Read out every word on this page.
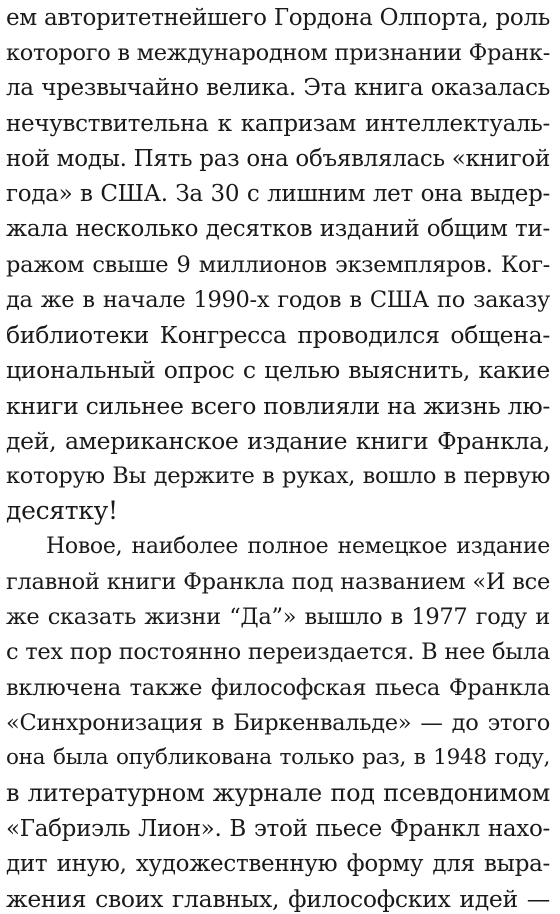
ем авторитетнейшего Гордона Олпорта, роль
которого в международном признании Франк-
ла чрезвычайно велика. Эта книга оказалась
нечувствительна к капризам интеллектуаль-
ной моды. Пять раз она объявлялась «книгой
года» в США. За 30 с лишним лет она выдер-
жала несколько десятков изданий общим ти-
ражом свыше 9 миллионов экземпляров. Ког-
да же в начале 1990-х годов в США по заказу
библиотеки Конгресса проводился общена-
циональный опрос с целью выяснить, какие
книги сильнее всего повлияли на жизнь лю-
дей, американское издание книги Франкла,
которую Вы держите в руках, вошло в первую
десятку!
Новое, наиболее полное немецкое издание
главной книги Франкла под названием «И все
же сказать жизни “Да”» вышло в 1977 году и
с тех пор постоянно переиздается. В нее была
включена также философская пьеса Франкла
«Синхронизация в Биркенвальде» — до этого
она была опубликована только раз, в 1948 году,
в литературном журнале под псевдонимом
«Габриэль Лион». В этой пьесе Франкл нахо-
дит иную, художественную форму для выра-
жения своих главных, философских идей —
